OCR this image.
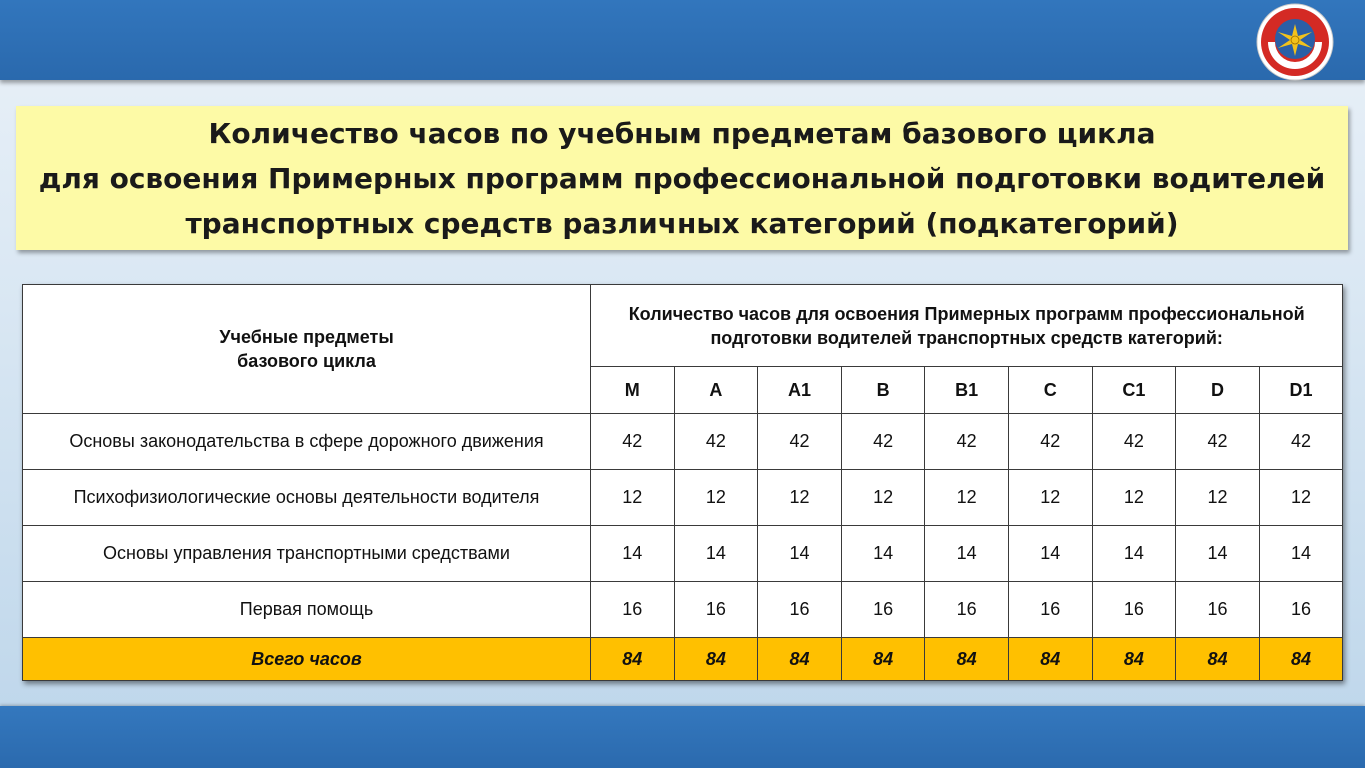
Количество часов по учебным предметам базового цикла
для освоения Примерных программ профессиональной подготовки водителей
транспортных средств различных категорий (подкатегорий)
Учебные предметы базового цикла	Количество часов для освоения Примерных программ профессиональной подготовки водителей транспортных средств категорий:								
	M	A	A1	B	B1	C	C1	D	D1
Основы законодательства в сфере дорожного движения	42	42	42	42	42	42	42	42	42
Психофизиологические основы деятельности водителя	12	12	12	12	12	12	12	12	12
Основы управления транспортными средствами	14	14	14	14	14	14	14	14	14
Первая помощь	16	16	16	16	16	16	16	16	16
Всего часов	84	84	84	84	84	84	84	84	84
